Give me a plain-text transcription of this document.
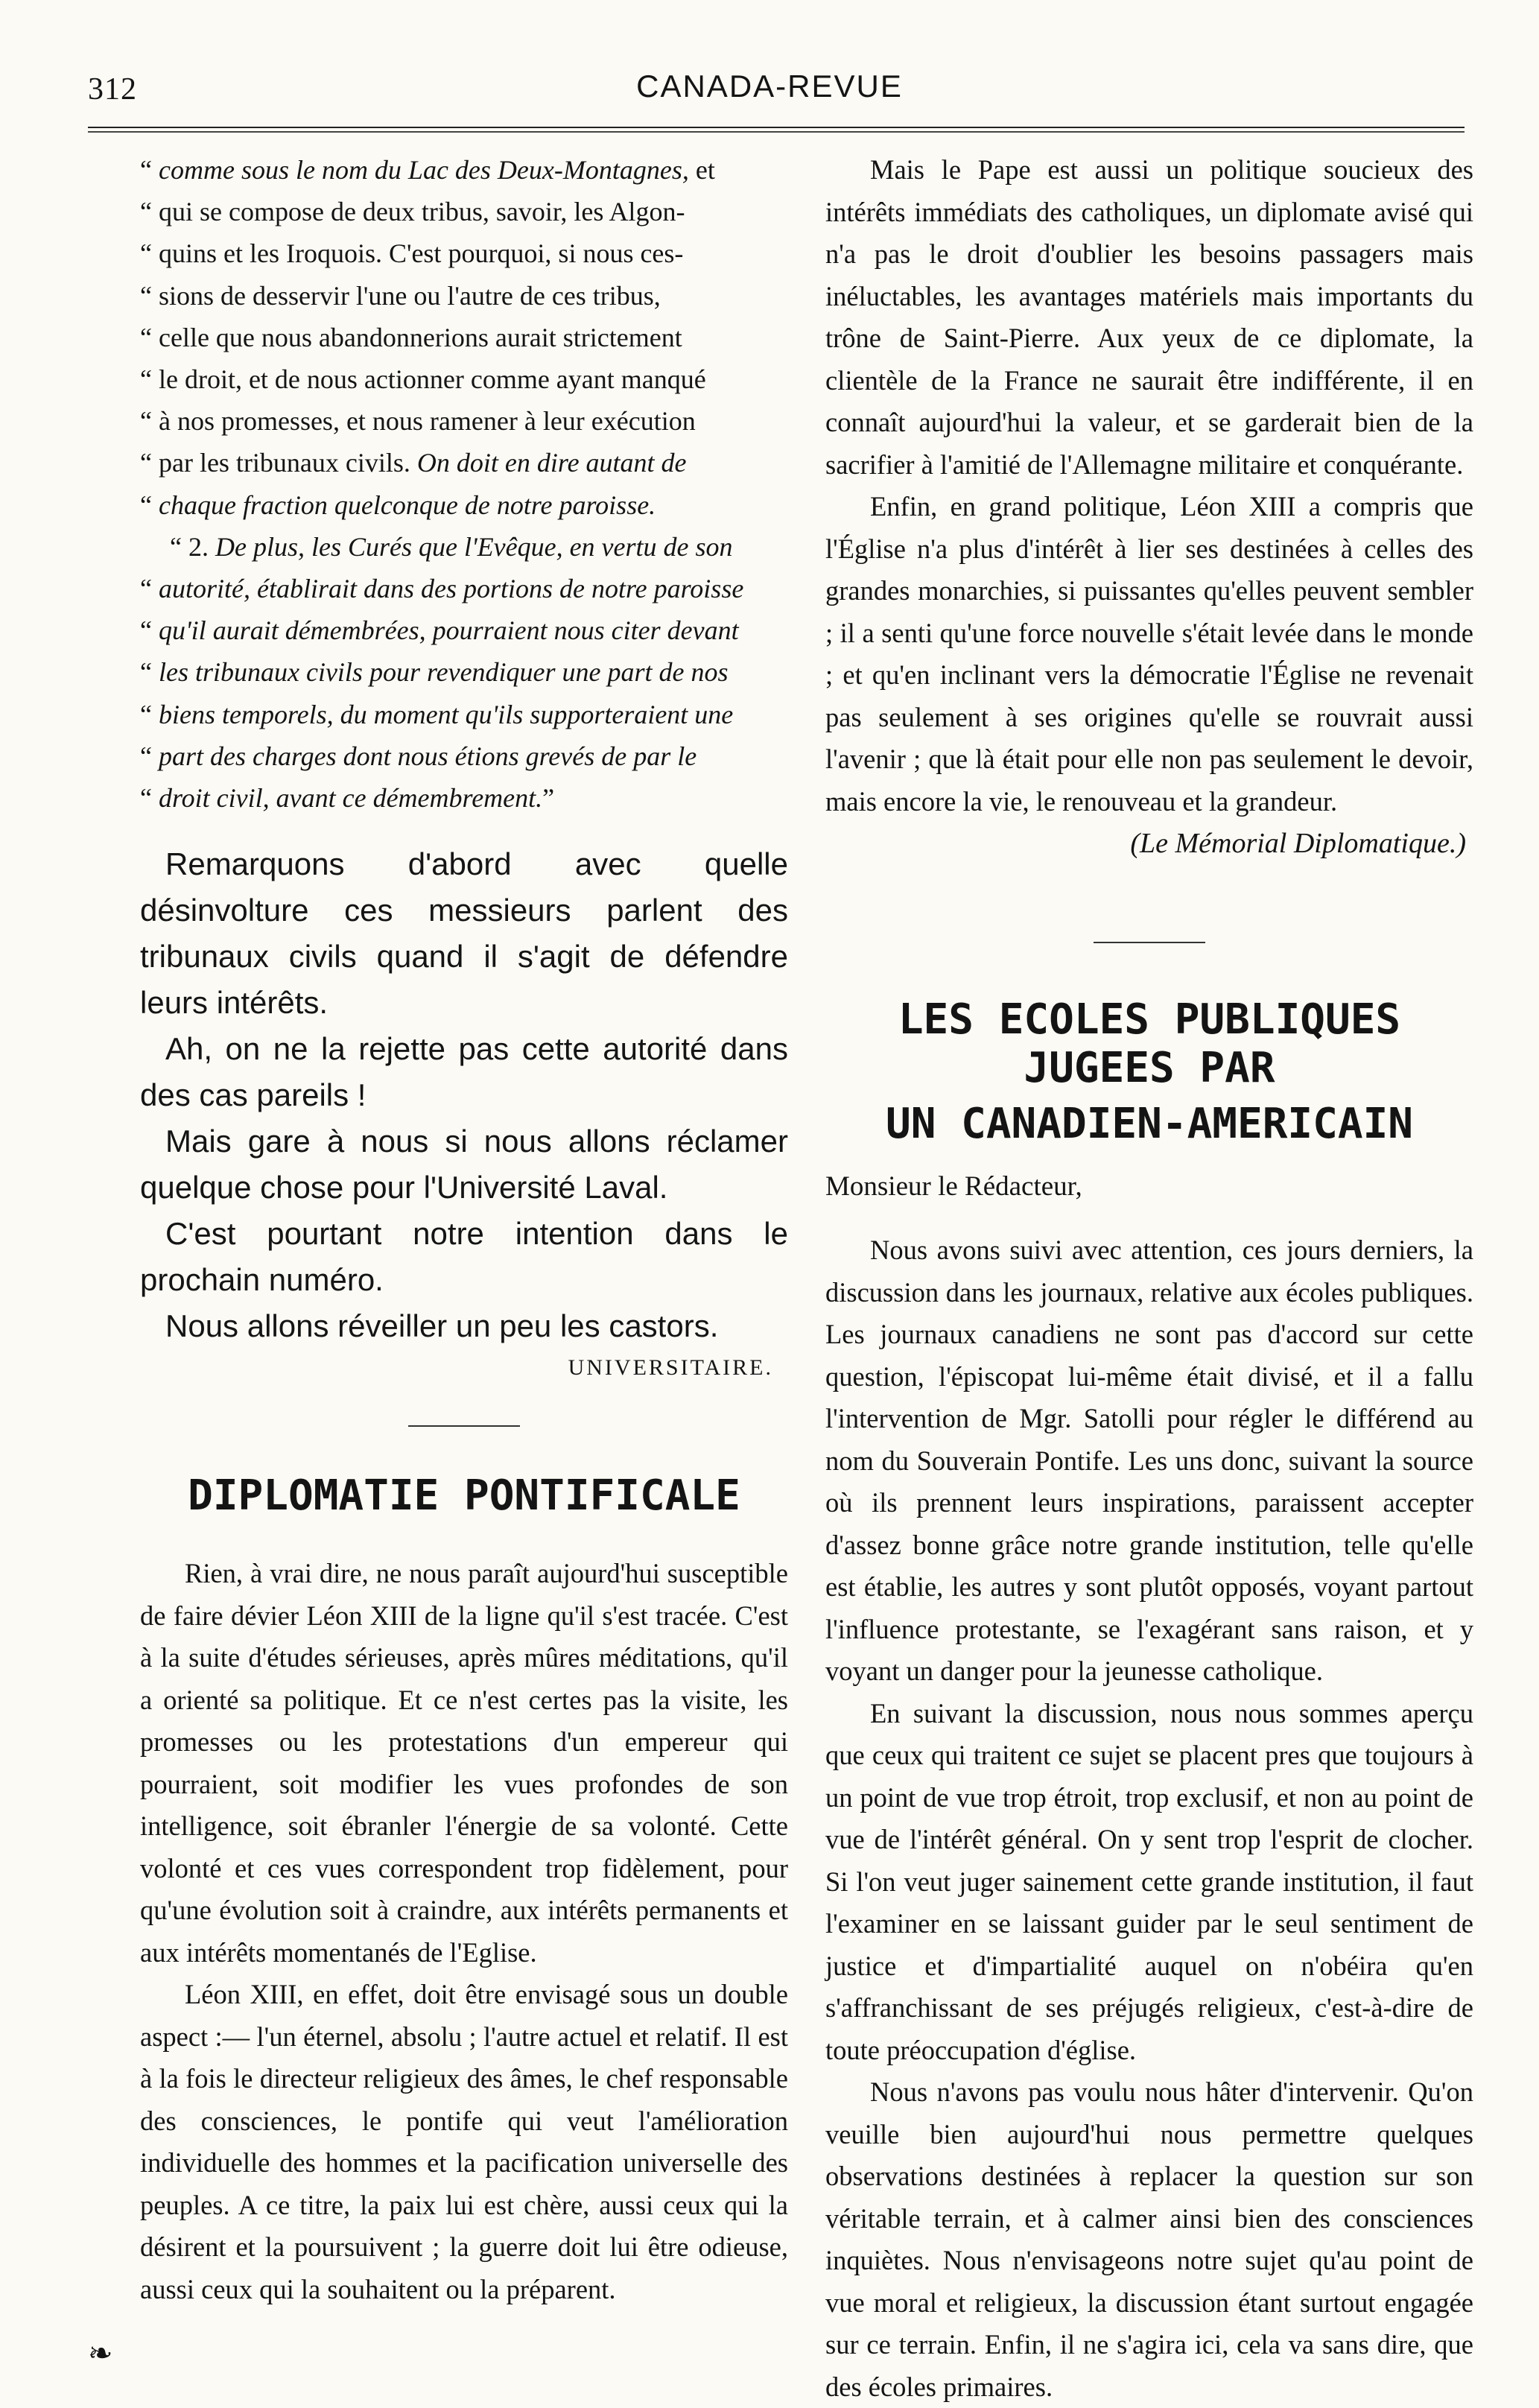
312	CANADA-REVUE

“ comme sous le nom du Lac des Deux-Montagnes, et

“ qui se compose de deux tribus, savoir, les Algon-

“ quins et les Iroquois. C'est pourquoi, si nous ces-

“ sions de desservir l'une ou l'autre de ces tribus,

“ celle que nous abandonnerions aurait strictement

“ le droit, et de nous actionner comme ayant manqué

“ à nos promesses, et nous ramener à leur exécution

“ par les tribunaux civils. On doit en dire autant de

“ chaque fraction quelconque de notre paroisse.

“ 2. De plus, les Curés que l'Evêque, en vertu de son

“ autorité, établirait dans des portions de notre paroisse

“ qu'il aurait démembrées, pourraient nous citer devant

“ les tribunaux civils pour revendiquer une part de nos

“ biens temporels, du moment qu'ils supporteraient une

“ part des charges dont nous étions grevés de par le

“ droit civil, avant ce démembrement.”

Remarquons d'abord avec quelle désinvolture ces messieurs parlent des tribunaux civils quand il s'agit de défendre leurs intérêts.

Ah, on ne la rejette pas cette autorité dans des cas pareils !

Mais gare à nous si nous allons réclamer quelque chose pour l'Université Laval.

C'est pourtant notre intention dans le prochain numéro.

Nous allons réveiller un peu les castors.

UNIVERSITAIRE.
DIPLOMATIE PONTIFICALE

Rien, à vrai dire, ne nous paraît aujourd'hui susceptible de faire dévier Léon XIII de la ligne qu'il s'est tracée. C'est à la suite d'études sérieuses, après mûres méditations, qu'il a orienté sa politique. Et ce n'est certes pas la visite, les promesses ou les protestations d'un empereur qui pourraient, soit modifier les vues profondes de son intelligence, soit ébranler l'énergie de sa volonté. Cette volonté et ces vues correspondent trop fidèlement, pour qu'une évolution soit à craindre, aux intérêts permanents et aux intérêts momentanés de l'Eglise.

Léon XIII, en effet, doit être envisagé sous un double aspect :— l'un éternel, absolu ; l'autre actuel et relatif. Il est à la fois le directeur religieux des âmes, le chef responsable des consciences, le pontife qui veut l'amélioration individuelle des hommes et la pacification universelle des peuples. A ce titre, la paix lui est chère, aussi ceux qui la désirent et la poursuivent ; la guerre doit lui être odieuse, aussi ceux qui la souhaitent ou la préparent.

Mais le Pape est aussi un politique soucieux des intérêts immédiats des catholiques, un diplomate avisé qui n'a pas le droit d'oublier les besoins passagers mais inéluctables, les avantages matériels mais importants du trône de Saint-Pierre. Aux yeux de ce diplomate, la clientèle de la France ne saurait être indifférente, il en connaît aujourd'hui la valeur, et se garderait bien de la sacrifier à l'amitié de l'Allemagne militaire et conquérante.

Enfin, en grand politique, Léon XIII a compris que l'Église n'a plus d'intérêt à lier ses destinées à celles des grandes monarchies, si puissantes qu'elles peuvent sembler ; il a senti qu'une force nouvelle s'était levée dans le monde ; et qu'en inclinant vers la démocratie l'Église ne revenait pas seulement à ses origines qu'elle se rouvrait aussi l'avenir ; que là était pour elle non pas seulement le devoir, mais encore la vie, le renouveau et la grandeur.

(Le Mémorial Diplomatique.)
LES ECOLES PUBLIQUES JUGEES PAR
UN CANADIEN-AMERICAIN
Monsieur le Rédacteur,

Nous avons suivi avec attention, ces jours derniers, la discussion dans les journaux, relative aux écoles publiques. Les journaux canadiens ne sont pas d'accord sur cette question, l'épiscopat lui-même était divisé, et il a fallu l'intervention de Mgr. Satolli pour régler le différend au nom du Souverain Pontife. Les uns donc, suivant la source où ils prennent leurs inspirations, paraissent accepter d'assez bonne grâce notre grande institution, telle qu'elle est établie, les autres y sont plutôt opposés, voyant partout l'influence protestante, se l'exagérant sans raison, et y voyant un danger pour la jeunesse catholique.

En suivant la discussion, nous nous sommes aperçu que ceux qui traitent ce sujet se placent pres que toujours à un point de vue trop étroit, trop exclusif, et non au point de vue de l'intérêt général. On y sent trop l'esprit de clocher. Si l'on veut juger sainement cette grande institution, il faut l'examiner en se laissant guider par le seul sentiment de justice et d'impartialité auquel on n'obéira qu'en s'affranchissant de ses préjugés religieux, c'est-à-dire de toute préoccupation d'église.

Nous n'avons pas voulu nous hâter d'intervenir. Qu'on veuille bien aujourd'hui nous permettre quelques observations destinées à replacer la question sur son véritable terrain, et à calmer ainsi bien des consciences inquiètes. Nous n'envisageons notre sujet qu'au point de vue moral et religieux, la discussion étant surtout engagée sur ce terrain. Enfin, il ne s'agira ici, cela va sans dire, que des écoles primaires.

❧
